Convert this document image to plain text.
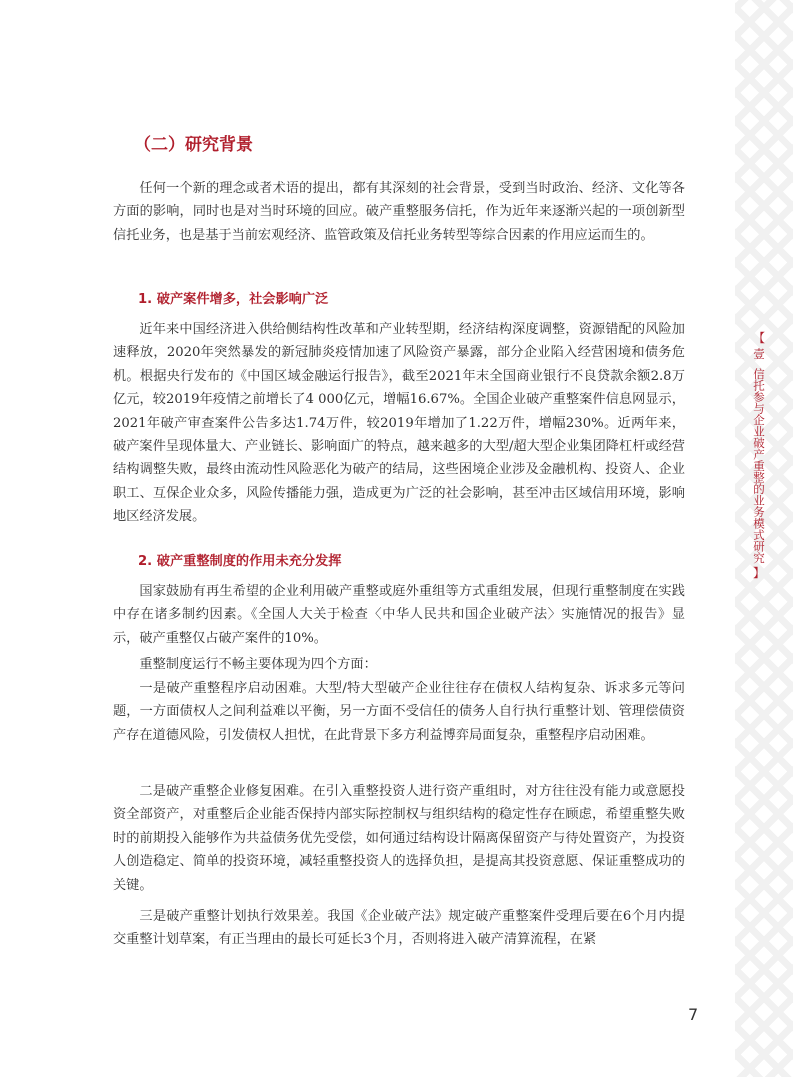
【
壹
信托参与企业破产重整的业务模式研究
】
（二）研究背景

任何一个新的理念或者术语的提出，都有其深刻的社会背景，受到当时政治、经济、文化等各方面的影响，同时也是对当时环境的回应。破产重整服务信托，作为近年来逐渐兴起的一项创新型信托业务，也是基于当前宏观经济、监管政策及信托业务转型等综合因素的作用应运而生的。

1. 破产案件增多，社会影响广泛

近年来中国经济进入供给侧结构性改革和产业转型期，经济结构深度调整，资源错配的风险加速释放，2020年突然暴发的新冠肺炎疫情加速了风险资产暴露，部分企业陷入经营困境和债务危机。根据央行发布的《中国区域金融运行报告》，截至2021年末全国商业银行不良贷款余额2.8万亿元，较2019年疫情之前增长了4 000亿元，增幅16.67%。全国企业破产重整案件信息网显示，2021年破产审查案件公告多达1.74万件，较2019年增加了1.22万件，增幅230%。近两年来，破产案件呈现体量大、产业链长、影响面广的特点，越来越多的大型/超大型企业集团降杠杆或经营结构调整失败，最终由流动性风险恶化为破产的结局，这些困境企业涉及金融机构、投资人、企业职工、互保企业众多，风险传播能力强，造成更为广泛的社会影响，甚至冲击区域信用环境，影响地区经济发展。

2. 破产重整制度的作用未充分发挥

国家鼓励有再生希望的企业利用破产重整或庭外重组等方式重组发展，但现行重整制度在实践中存在诸多制约因素。《全国人大关于检查〈中华人民共和国企业破产法〉实施情况的报告》显示，破产重整仅占破产案件的10%。

重整制度运行不畅主要体现为四个方面：

一是破产重整程序启动困难。大型/特大型破产企业往往存在债权人结构复杂、诉求多元等问题，一方面债权人之间利益难以平衡，另一方面不受信任的债务人自行执行重整计划、管理偿债资产存在道德风险，引发债权人担忧，在此背景下多方利益博弈局面复杂，重整程序启动困难。

二是破产重整企业修复困难。在引入重整投资人进行资产重组时，对方往往没有能力或意愿投资全部资产，对重整后企业能否保持内部实际控制权与组织结构的稳定性存在顾虑，希望重整失败时的前期投入能够作为共益债务优先受偿，如何通过结构设计隔离保留资产与待处置资产，为投资人创造稳定、简单的投资环境，减轻重整投资人的选择负担，是提高其投资意愿、保证重整成功的关键。

三是破产重整计划执行效果差。我国《企业破产法》规定破产重整案件受理后要在6个月内提交重整计划草案，有正当理由的最长可延长3个月，否则将进入破产清算流程，在紧

7
